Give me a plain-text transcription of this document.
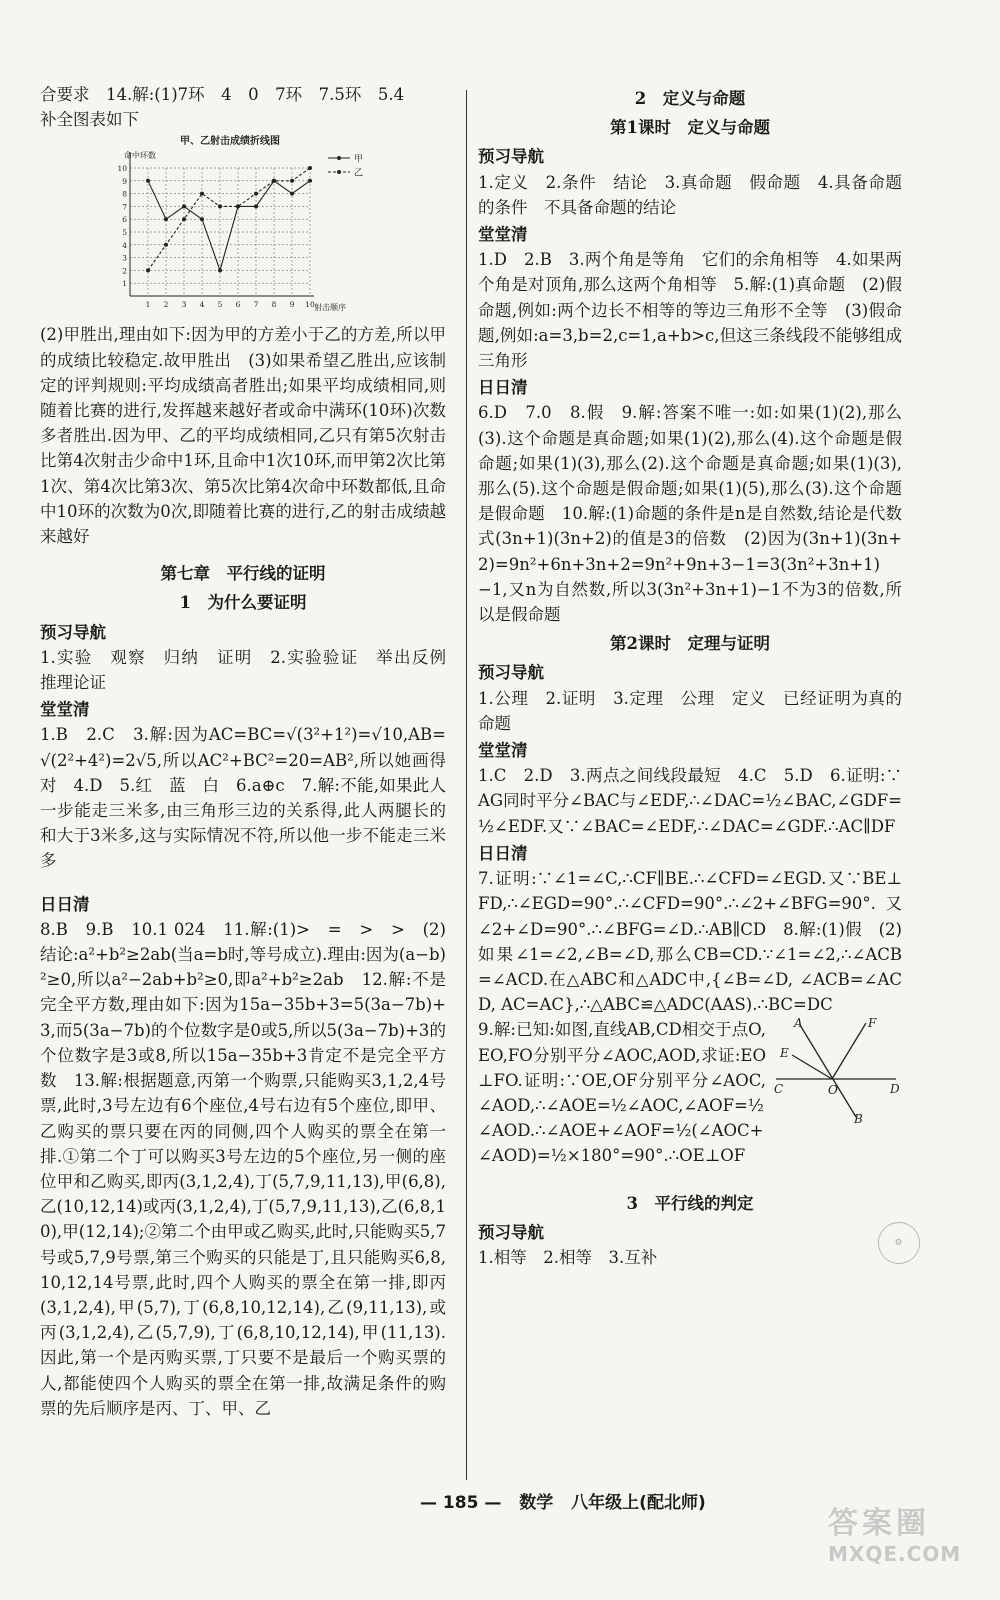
合要求　14.解:(1)7环　4　0　7环　7.5环　5.4

补全图表如下

甲、乙射击成绩折线图
命中环数
射击顺序
1
2
3
4
5
6
7
8
9
10
1 2 3 4 5 6 7 8 9 10
甲
乙

(2)甲胜出,理由如下:因为甲的方差小于乙的方差,所以甲的成绩比较稳定.故甲胜出　(3)如果希望乙胜出,应该制定的评判规则:平均成绩高者胜出;如果平均成绩相同,则随着比赛的进行,发挥越来越好者或命中满环(10环)次数多者胜出.因为甲、乙的平均成绩相同,乙只有第5次射击比第4次射击少命中1环,且命中1次10环,而甲第2次比第1次、第4次比第3次、第5次比第4次命中环数都低,且命中10环的次数为0次,即随着比赛的进行,乙的射击成绩越来越好

第七章　平行线的证明
1　为什么要证明
预习导航

1.实验　观察　归纳　证明　2.实验验证　举出反例　推理论证

堂堂清

1.B　2.C　3.解:因为AC=BC=√(3²+1²)=√10,AB=√(2²+4²)=2√5,所以AC²+BC²=20=AB²,所以她画得对　4.D　5.红　蓝　白　6.a⊕c　7.解:不能,如果此人一步能走三米多,由三角形三边的关系得,此人两腿长的和大于3米多,这与实际情况不符,所以他一步不能走三米多

日日清

8.B　9.B　10.1 024　11.解:(1)>　=　>　>　(2)结论:a²+b²≥2ab(当a=b时,等号成立).理由:因为(a−b)²≥0,所以a²−2ab+b²≥0,即a²+b²≥2ab　12.解:不是完全平方数,理由如下:因为15a−35b+3=5(3a−7b)+3,而5(3a−7b)的个位数字是0或5,所以5(3a−7b)+3的个位数字是3或8,所以15a−35b+3肯定不是完全平方数　13.解:根据题意,丙第一个购票,只能购买3,1,2,4号票,此时,3号左边有6个座位,4号右边有5个座位,即甲、乙购买的票只要在丙的同侧,四个人购买的票全在第一排.①第二个丁可以购买3号左边的5个座位,另一侧的座位甲和乙购买,即丙(3,1,2,4),丁(5,7,9,11,13),甲(6,8),乙(10,12,14)或丙(3,1,2,4),丁(5,7,9,11,13),乙(6,8,10),甲(12,14);②第二个由甲或乙购买,此时,只能购买5,7号或5,7,9号票,第三个购买的只能是丁,且只能购买6,8,10,12,14号票,此时,四个人购买的票全在第一排,即丙(3,1,2,4),甲(5,7),丁(6,8,10,12,14),乙(9,11,13),或丙(3,1,2,4),乙(5,7,9),丁(6,8,10,12,14),甲(11,13).因此,第一个是丙购买票,丁只要不是最后一个购买票的人,都能使四个人购买的票全在第一排,故满足条件的购票的先后顺序是丙、丁、甲、乙

2　定义与命题
第1课时　定义与命题
预习导航

1.定义　2.条件　结论　3.真命题　假命题　4.具备命题的条件　不具备命题的结论

堂堂清

1.D　2.B　3.两个角是等角　它们的余角相等　4.如果两个角是对顶角,那么这两个角相等　5.解:(1)真命题　(2)假命题,例如:两个边长不相等的等边三角形不全等　(3)假命题,例如:a=3,b=2,c=1,a+b>c,但这三条线段不能够组成三角形

日日清

6.D　7.0　8.假　9.解:答案不唯一:如:如果(1)(2),那么(3).这个命题是真命题;如果(1)(2),那么(4).这个命题是假命题;如果(1)(3),那么(2).这个命题是真命题;如果(1)(3),那么(5).这个命题是假命题;如果(1)(5),那么(3).这个命题是假命题　10.解:(1)命题的条件是n是自然数,结论是代数式(3n+1)(3n+2)的值是3的倍数　(2)因为(3n+1)(3n+2)=9n²+6n+3n+2=9n²+9n+3−1=3(3n²+3n+1)−1,又n为自然数,所以3(3n²+3n+1)−1不为3的倍数,所以是假命题

第2课时　定理与证明
预习导航

1.公理　2.证明　3.定理　公理　定义　已经证明为真的命题

堂堂清

1.C　2.D　3.两点之间线段最短　4.C　5.D　6.证明:∵AG同时平分∠BAC与∠EDF,∴∠DAC=½∠BAC,∠GDF=½∠EDF.又∵∠BAC=∠EDF,∴∠DAC=∠GDF.∴AC∥DF

日日清

7.证明:∵∠1=∠C,∴CF∥BE.∴∠CFD=∠EGD.又∵BE⊥FD,∴∠EGD=90°.∴∠CFD=90°.∴∠2+∠BFG=90°.又∠2+∠D=90°.∴∠BFG=∠D.∴AB∥CD　8.解:(1)假　(2)如果∠1=∠2,∠B=∠D,那么CB=CD.∵∠1=∠2,∴∠ACB=∠ACD.在△ABC和△ADC中,{∠B=∠D, ∠ACB=∠ACD, AC=AC},∴△ABC≌△ADC(AAS).∴BC=DC

A	F
E
C	O	D
B

9.解:已知:如图,直线AB,CD相交于点O,EO,FO分别平分∠AOC,AOD,求证:EO⊥FO.证明:∵OE,OF分别平分∠AOC,∠AOD,∴∠AOE=½∠AOC,∠AOF=½∠AOD.∴∠AOE+∠AOF=½(∠AOC+∠AOD)=½×180°=90°.∴OE⊥OF

3　平行线的判定
预习导航

1.相等　2.相等　3.互补

⚙
— 185 — 数学 八年级上(配北师)
答案圈
MXQE.COM
